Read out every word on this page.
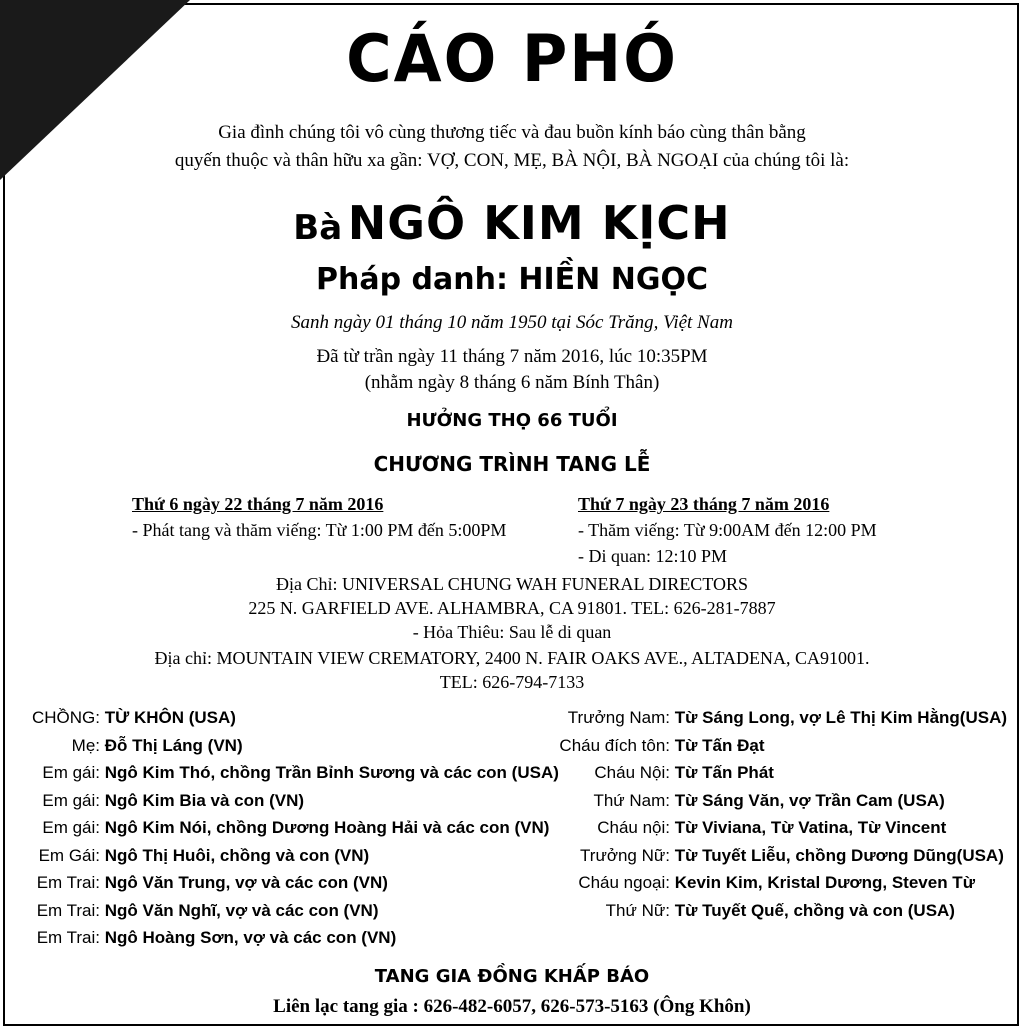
CÁO PHÓ
Gia đình chúng tôi vô cùng thương tiếc và đau buồn kính báo cùng thân bằng
quyến thuộc và thân hữu xa gần: VỢ, CON, MẸ, BÀ NỘI, BÀ NGOẠI của chúng tôi là:
Bà NGÔ KIM KỊCH
Pháp danh: HIỀN NGỌC
Sanh ngày 01 tháng 10 năm 1950 tại Sóc Trăng, Việt Nam
Đã từ trần ngày 11 tháng 7 năm 2016, lúc 10:35PM
(nhằm ngày 8 tháng 6 năm Bính Thân)
HƯỞNG THỌ 66 TUỔI
CHƯƠNG TRÌNH TANG LỄ
Thứ 6 ngày 22 tháng 7 năm 2016
- Phát tang và thăm viếng: Từ 1:00 PM đến 5:00PM
Thứ 7 ngày 23 tháng 7 năm 2016
- Thăm viếng: Từ 9:00AM đến 12:00 PM
- Di quan: 12:10 PM
Địa Chỉ: UNIVERSAL CHUNG WAH FUNERAL DIRECTORS
225 N. GARFIELD AVE. ALHAMBRA, CA 91801. TEL: 626-281-7887
- Hỏa Thiêu: Sau lễ di quan
Địa chỉ: MOUNTAIN VIEW CREMATORY, 2400 N. FAIR OAKS AVE., ALTADENA, CA91001.
TEL: 626-794-7133
CHỒNG: TỪ KHÔN (USA)
Mẹ: Đỗ Thị Láng (VN)
Em gái: Ngô Kim Thó, chồng Trần Bỉnh Sương và các con (USA)
Em gái: Ngô Kim Bia và con (VN)
Em gái: Ngô Kim Nói, chồng Dương Hoàng Hải và các con (VN)
Em Gái: Ngô Thị Huôi, chồng và con (VN)
Em Trai: Ngô Văn Trung, vợ và các con (VN)
Em Trai: Ngô Văn Nghĩ, vợ và các con (VN)
Em Trai: Ngô Hoàng Sơn, vợ và các con (VN)
Trưởng Nam: Từ Sáng Long, vợ Lê Thị Kim Hằng(USA)
Cháu đích tôn: Từ Tấn Đạt
Cháu Nội: Từ Tấn Phát
Thứ Nam: Từ Sáng Văn, vợ Trần Cam (USA)
Cháu nội: Từ Viviana, Từ Vatina, Từ Vincent
Trưởng Nữ: Từ Tuyết Liễu, chồng Dương Dũng(USA)
Cháu ngoại: Kevin Kim, Kristal Dương, Steven Từ
Thứ Nữ: Từ Tuyết Quế, chồng và con (USA)
TANG GIA ĐỒNG KHẤP BÁO
Liên lạc tang gia : 626-482-6057, 626-573-5163 (Ông Khôn)
